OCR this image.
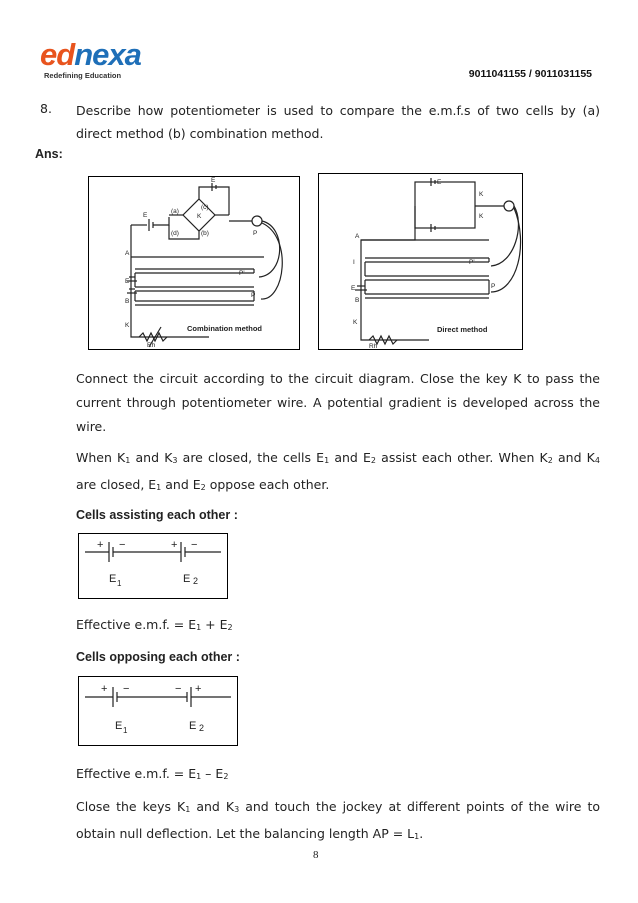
ednexa
Redefining Education	9011041155 / 9011031155
8. Describe how potentiometer is used to compare the e.m.f.s of two cells by (a) direct method (b) combination method.
Ans:
E
(a)
(c)
(d)	(b)
K
E
A
E
B
K
P
P'
P
Rh
Combination method
E
K
K
A
I
E
B
K
P'
P
Rh
Direct method
Connect the circuit according to the circuit diagram. Close the key K to pass the current through potentiometer wire. A potential gradient is developed across the wire.
When $K_1$ and $K_3$ are closed, the cells $E_1$ and $E_2$ assist each other. When $K_2$ and $K_4$ are closed, $E_1$ and $E_2$ oppose each other.
Cells assisting each other :
+ −	+ −
E 1	E 2
Effective e.m.f. = $E_1 + E_2$
Cells opposing each other :
+ −	− +
E 1	E 2
Effective e.m.f. = $E_1 - E_2$
Close the keys $K_1$ and $K_3$ and touch the jockey at different points of the wire to obtain null deflection. Let the balancing length AP = $L_1$.
8
